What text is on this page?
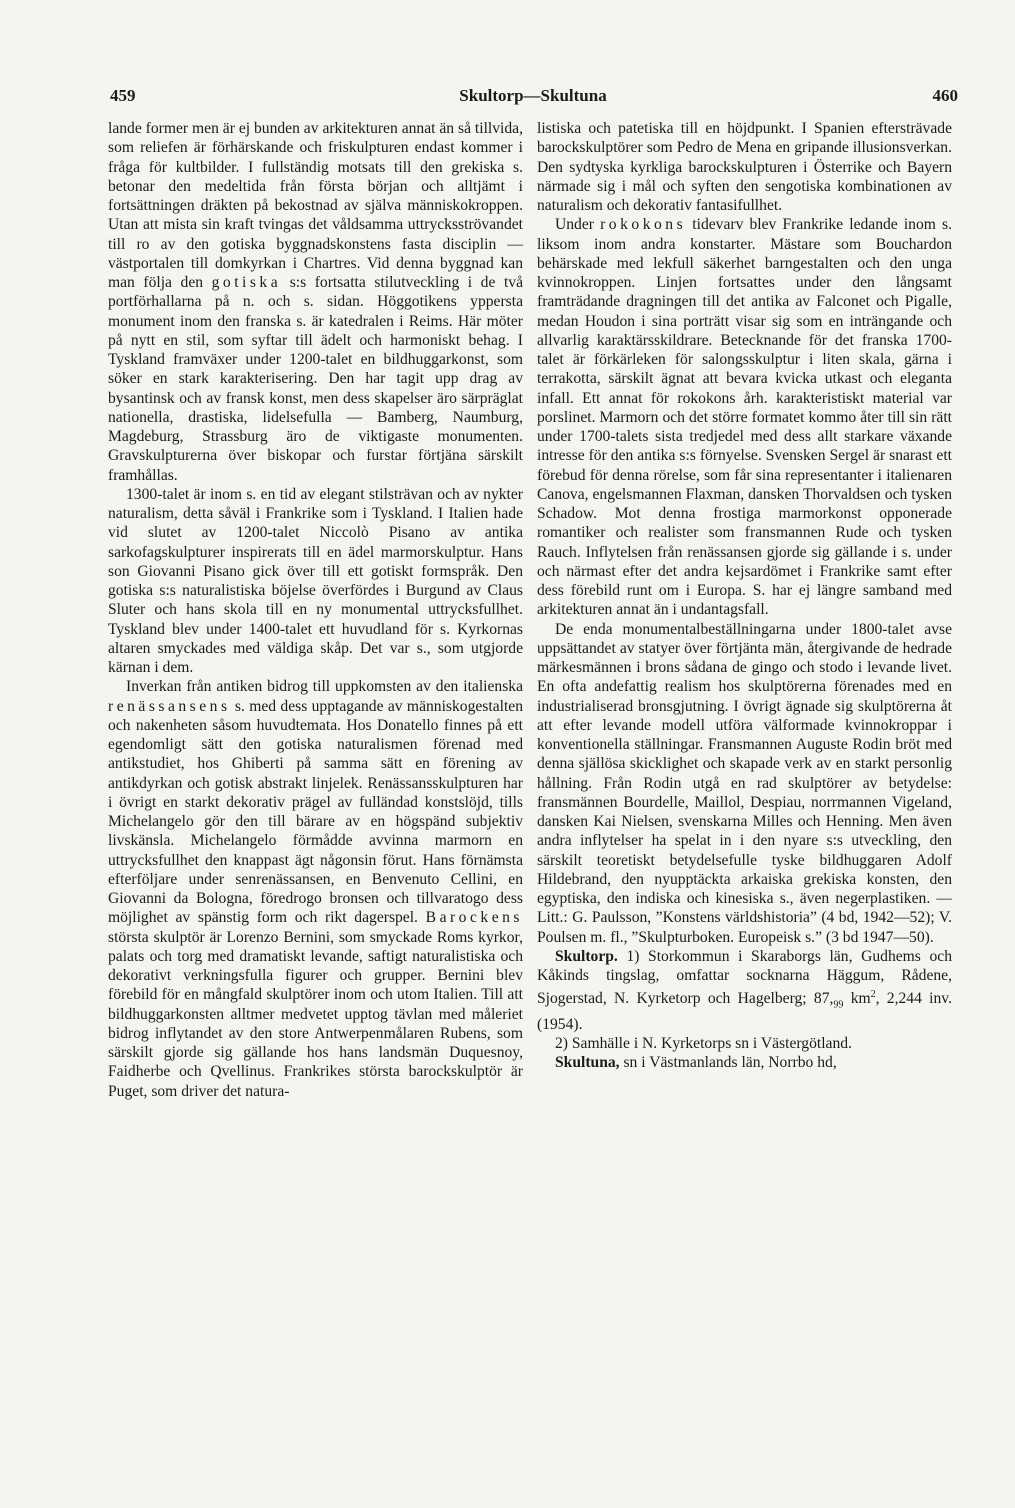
459	Skultorp—Skultuna	460

lande former men är ej bunden av arkitekturen annat än så tillvida, som reliefen är förhärskande och friskulpturen endast kommer i fråga för kultbilder. I fullständig motsats till den grekiska s. betonar den medeltida från första början och alltjämt i fortsättningen dräkten på bekostnad av själva människokroppen. Utan att mista sin kraft tvingas det våldsamma uttrycksströvandet till ro av den gotiska byggnadskonstens fasta disciplin — västportalen till domkyrkan i Chartres. Vid denna byggnad kan man följa den gotiska s:s fortsatta stilutveckling i de två portförhallarna på n. och s. sidan. Höggotikens yppersta monument inom den franska s. är katedralen i Reims. Här möter på nytt en stil, som syftar till ädelt och harmoniskt behag. I Tyskland framväxer under 1200-talet en bildhuggarkonst, som söker en stark karakterisering. Den har tagit upp drag av bysantinsk och av fransk konst, men dess skapelser äro särpräglat nationella, drastiska, lidelsefulla — Bamberg, Naumburg, Magdeburg, Strassburg äro de viktigaste monumenten. Gravskulpturerna över biskopar och furstar förtjäna särskilt framhållas.

1300-talet är inom s. en tid av elegant stilsträvan och av nykter naturalism, detta såväl i Frankrike som i Tyskland. I Italien hade vid slutet av 1200-talet Niccolò Pisano av antika sarkofagskulpturer inspirerats till en ädel marmorskulptur. Hans son Giovanni Pisano gick över till ett gotiskt formspråk. Den gotiska s:s naturalistiska böjelse överfördes i Burgund av Claus Sluter och hans skola till en ny monumental uttrycksfullhet. Tyskland blev under 1400-talet ett huvudland för s. Kyrkornas altaren smyckades med väldiga skåp. Det var s., som utgjorde kärnan i dem.

Inverkan från antiken bidrog till uppkomsten av den italienska renässansens s. med dess upptagande av människogestalten och nakenheten såsom huvudtemata. Hos Donatello finnes på ett egendomligt sätt den gotiska naturalismen förenad med antikstudiet, hos Ghiberti på samma sätt en förening av antikdyrkan och gotisk abstrakt linjelek. Renässansskulpturen har i övrigt en starkt dekorativ prägel av fulländad konstslöjd, tills Michelangelo gör den till bärare av en högspänd subjektiv livskänsla. Michelangelo förmådde avvinna marmorn en uttrycksfullhet den knappast ägt någonsin förut. Hans förnämsta efterföljare under senrenässansen, en Benvenuto Cellini, en Giovanni da Bologna, föredrogo bronsen och tillvaratogo dess möjlighet av spänstig form och rikt dagerspel. Barockens största skulptör är Lorenzo Bernini, som smyckade Roms kyrkor, palats och torg med dramatiskt levande, saftigt naturalistiska och dekorativt verkningsfulla figurer och grupper. Bernini blev förebild för en mångfald skulptörer inom och utom Italien. Till att bildhuggarkonsten alltmer medvetet upptog tävlan med måleriet bidrog inflytandet av den store Antwerpenmålaren Rubens, som särskilt gjorde sig gällande hos hans landsmän Duquesnoy, Faidherbe och Qvellinus. Frankrikes största barockskulptör är Puget, som driver det natura-

listiska och patetiska till en höjdpunkt. I Spanien eftersträvade barockskulptörer som Pedro de Mena en gripande illusionsverkan. Den sydtyska kyrkliga barockskulpturen i Österrike och Bayern närmade sig i mål och syften den sengotiska kombinationen av naturalism och dekorativ fantasifullhet.

Under rokokons tidevarv blev Frankrike ledande inom s. liksom inom andra konstarter. Mästare som Bouchardon behärskade med lekfull säkerhet barngestalten och den unga kvinnokroppen. Linjen fortsattes under den långsamt framträdande dragningen till det antika av Falconet och Pigalle, medan Houdon i sina porträtt visar sig som en inträngande och allvarlig karaktärsskildrare. Betecknande för det franska 1700-talet är förkärleken för salongsskulptur i liten skala, gärna i terrakotta, särskilt ägnat att bevara kvicka utkast och eleganta infall. Ett annat för rokokons årh. karakteristiskt material var porslinet. Marmorn och det större formatet kommo åter till sin rätt under 1700-talets sista tredjedel med dess allt starkare växande intresse för den antika s:s förnyelse. Svensken Sergel är snarast ett förebud för denna rörelse, som får sina representanter i italienaren Canova, engelsmannen Flaxman, dansken Thorvaldsen och tysken Schadow. Mot denna frostiga marmorkonst opponerade romantiker och realister som fransmannen Rude och tysken Rauch. Inflytelsen från renässansen gjorde sig gällande i s. under och närmast efter det andra kejsardömet i Frankrike samt efter dess förebild runt om i Europa. S. har ej längre samband med arkitekturen annat än i undantagsfall.

De enda monumentalbeställningarna under 1800-talet avse uppsättandet av statyer över förtjänta män, återgivande de hedrade märkesmännen i brons sådana de gingo och stodo i levande livet. En ofta andefattig realism hos skulptörerna förenades med en industrialiserad bronsgjutning. I övrigt ägnade sig skulptörerna åt att efter levande modell utföra välformade kvinnokroppar i konventionella ställningar. Fransmannen Auguste Rodin bröt med denna själlösa skicklighet och skapade verk av en starkt personlig hållning. Från Rodin utgå en rad skulptörer av betydelse: fransmännen Bourdelle, Maillol, Despiau, norrmannen Vigeland, dansken Kai Nielsen, svenskarna Milles och Henning. Men även andra inflytelser ha spelat in i den nyare s:s utveckling, den särskilt teoretiskt betydelsefulle tyske bildhuggaren Adolf Hildebrand, den nyupptäckta arkaiska grekiska konsten, den egyptiska, den indiska och kinesiska s., även negerplastiken. — Litt.: G. Paulsson, ”Konstens världshistoria” (4 bd, 1942—52); V. Poulsen m. fl., ”Skulpturboken. Europeisk s.” (3 bd 1947—50).

Skultorp. 1) Storkommun i Skaraborgs län, Gudhems och Kåkinds tingslag, omfattar socknarna Häggum, Rådene, Sjogerstad, N. Kyrketorp och Hagelberg; $87,_{99}$ $km^2$, 2,244 inv. (1954).

2) Samhälle i N. Kyrketorps sn i Västergötland.

Skultuna, sn i Västmanlands län, Norrbo hd,
